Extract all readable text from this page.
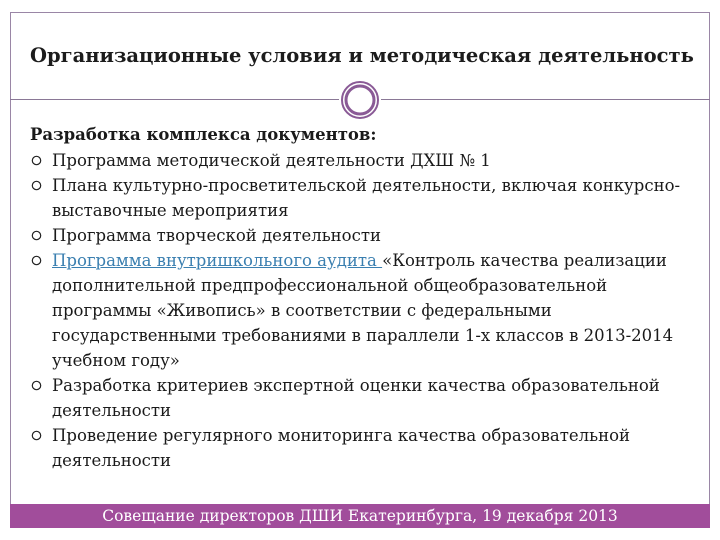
Организационные условия и методическая деятельность

Разработка комплекса документов:

Программа методической деятельности ДХШ № 1
Плана культурно-просветительской деятельности, включая конкурсно-выставочные мероприятия
Программа творческой деятельности
Программа внутришкольного аудита «Контроль качества реализации дополнительной предпрофессиональной общеобразовательной программы «Живопись» в соответствии с федеральными государственными требованиями в параллели 1-х классов в 2013-2014 учебном году»
Разработка критериев экспертной оценки качества образовательной деятельности
Проведение регулярного мониторинга качества образовательной деятельности
Совещание директоров ДШИ Екатеринбурга, 19 декабря 2013
